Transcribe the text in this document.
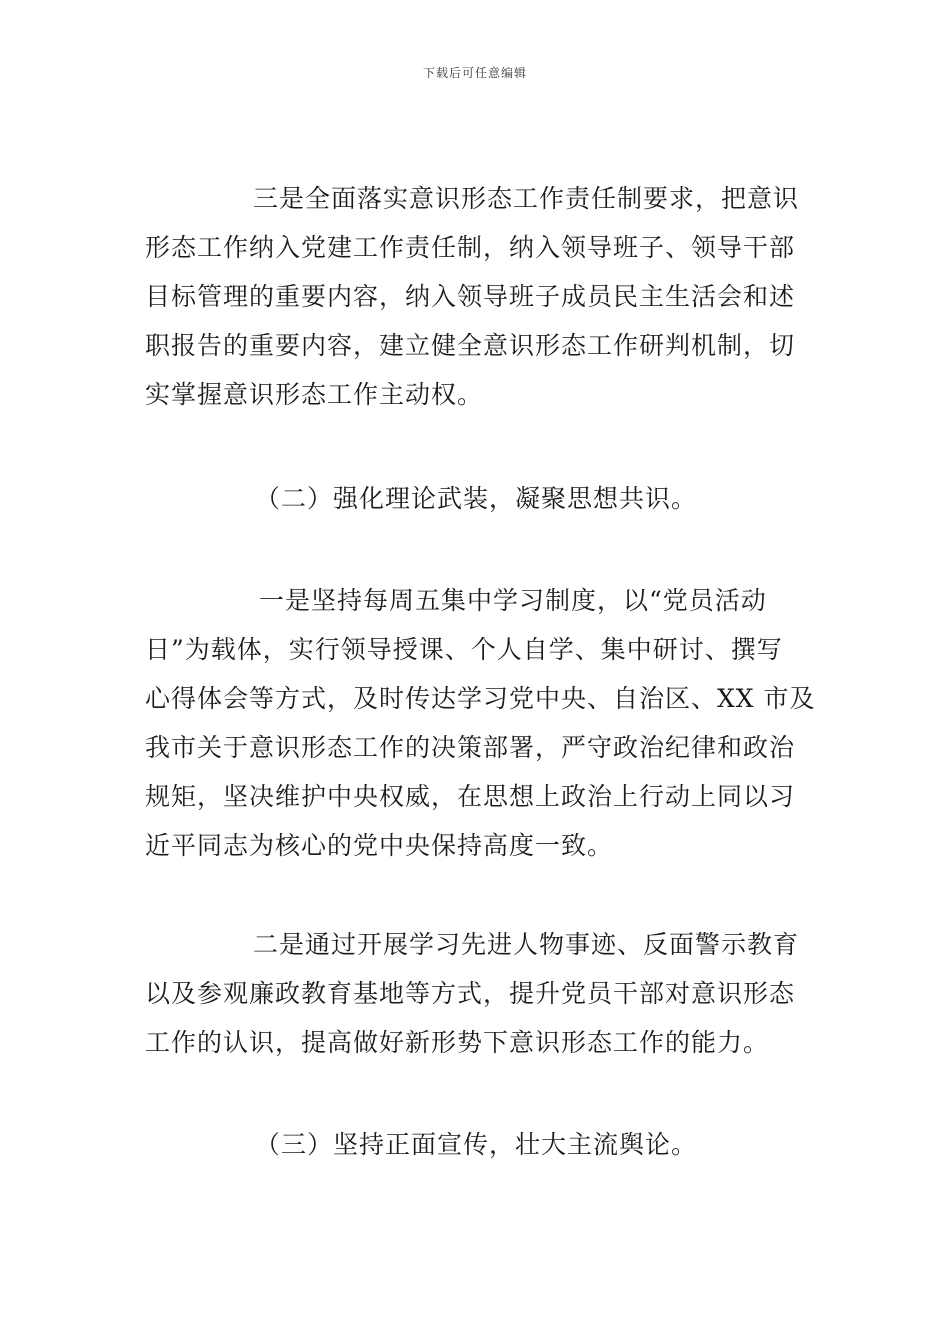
下载后可任意编辑
三是全面落实意识形态工作责任制要求，把意识
形态工作纳入党建工作责任制，纳入领导班子、领导干部
目标管理的重要内容，纳入领导班子成员民主生活会和述
职报告的重要内容，建立健全意识形态工作研判机制，切
实掌握意识形态工作主动权。
（二）强化理论武装，凝聚思想共识。
一是坚持每周五集中学习制度，以“党员活动
日”为载体，实行领导授课、个人自学、集中研讨、撰写
心得体会等方式，及时传达学习党中央、自治区、XX 市及
我市关于意识形态工作的决策部署，严守政治纪律和政治
规矩，坚决维护中央权威，在思想上政治上行动上同以习
近平同志为核心的党中央保持高度一致。
二是通过开展学习先进人物事迹、反面警示教育
以及参观廉政教育基地等方式，提升党员干部对意识形态
工作的认识，提高做好新形势下意识形态工作的能力。
（三）坚持正面宣传，壮大主流舆论。
